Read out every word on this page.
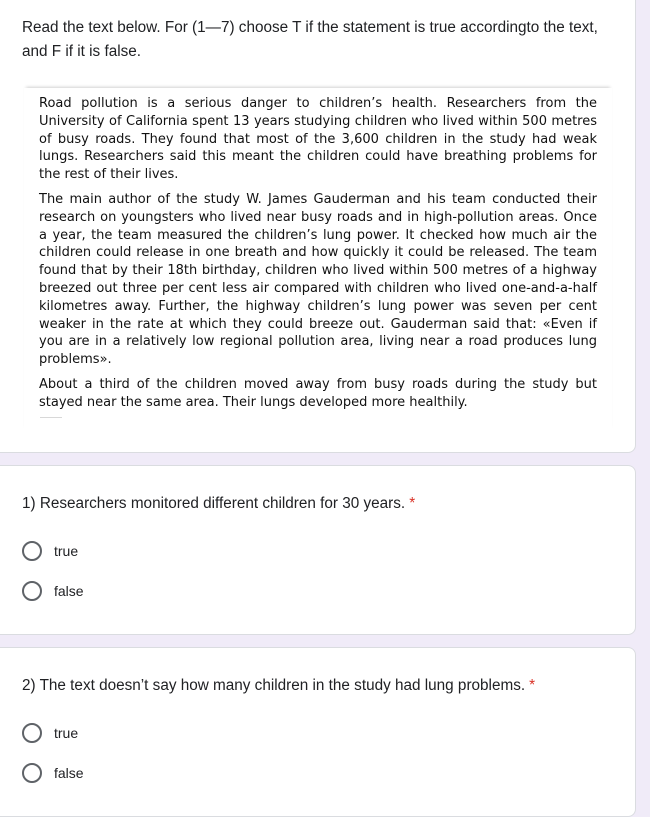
Read the text below. For (1—7) choose T if the statement is true accordingto the text, and F if it is false.

Road pollution is a serious danger to children’s health. Researchers from the University of California spent 13 years studying children who lived within 500 metres of busy roads. They found that most of the 3,600 children in the study had weak lungs. Researchers said this meant the children could have breathing problems for the rest of their lives.

The main author of the study W. James Gauderman and his team conducted their research on youngsters who lived near busy roads and in high-pollution areas. Once a year, the team measured the children’s lung power. It checked how much air the children could release in one breath and how quickly it could be released. The team found that by their 18th birthday, children who lived within 500 metres of a highway breezed out three per cent less air compared with children who lived one-and-a-half kilometres away. Further, the highway children’s lung power was seven per cent weaker in the rate at which they could breeze out. Gauderman said that: «Even if you are in a relatively low regional pollution area, living near a road produces lung problems».

About a third of the children moved away from busy roads during the study but stayed near the same area. Their lungs developed more healthily.

1) Researchers monitored different children for 30 years. *

true
false

2) The text doesn’t say how many children in the study had lung problems. *

true
false
